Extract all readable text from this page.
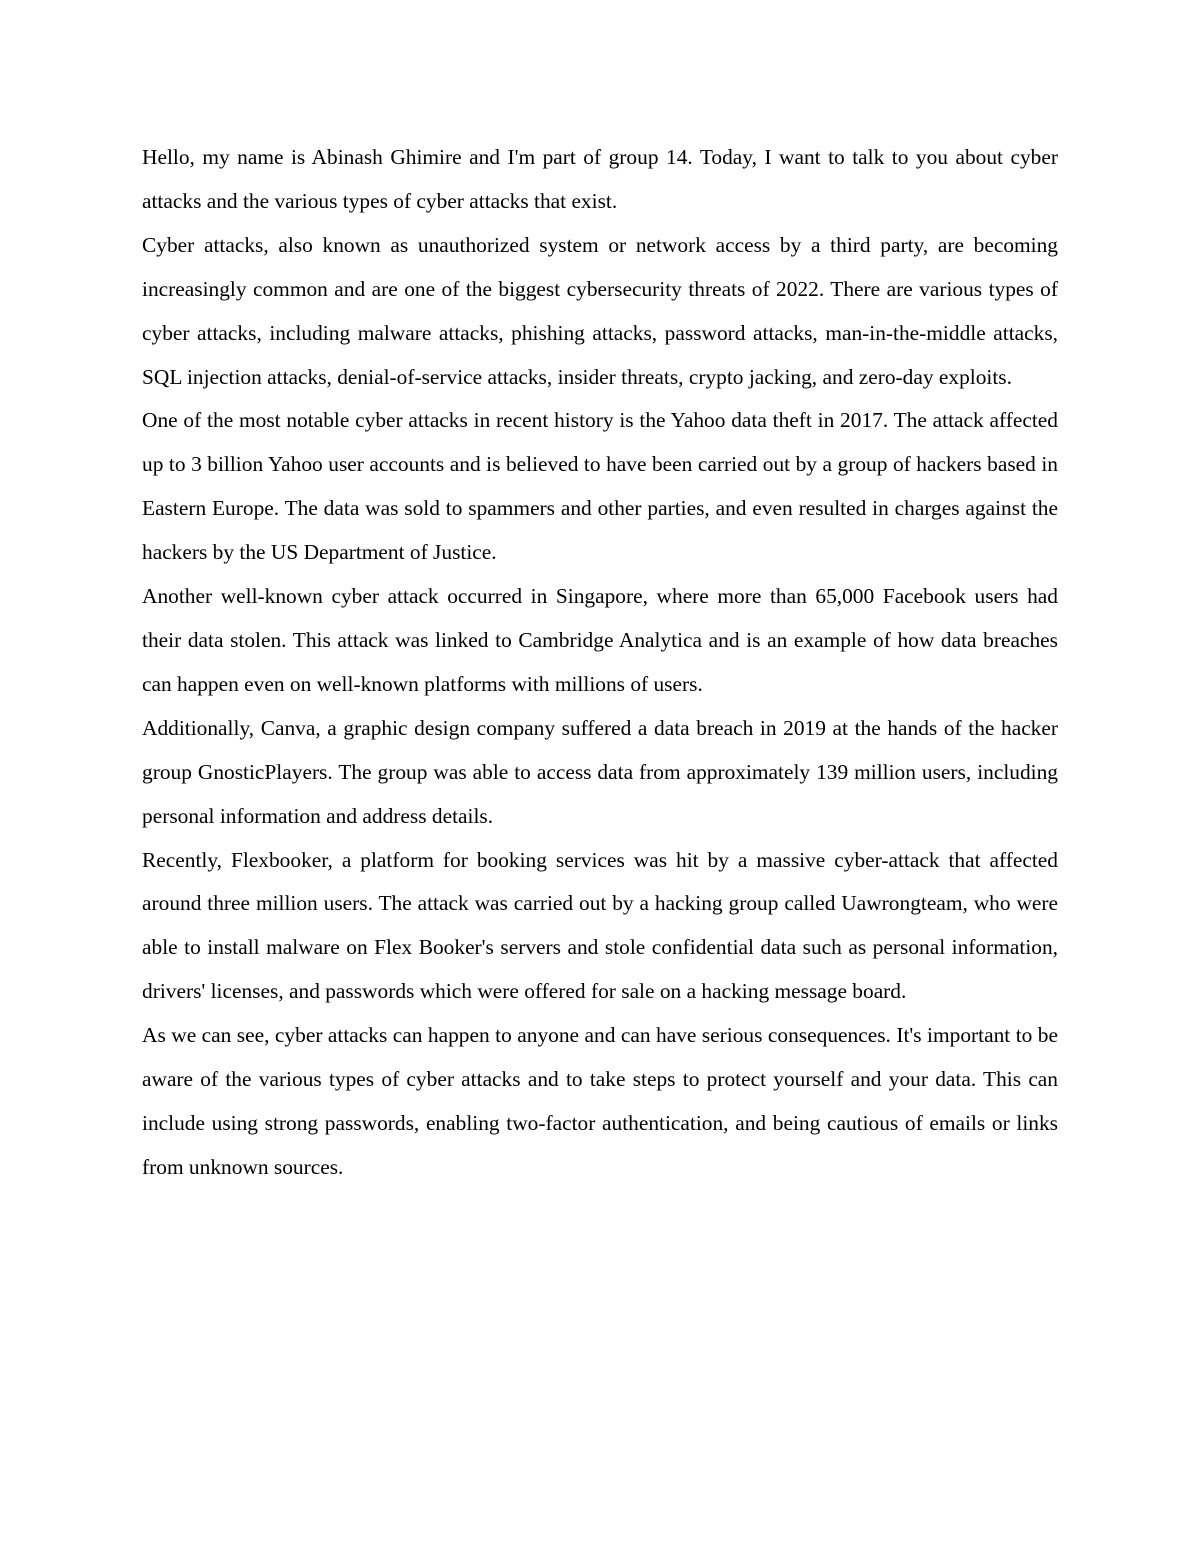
Hello, my name is Abinash Ghimire and I'm part of group 14. Today, I want to talk to you about cyber attacks and the various types of cyber attacks that exist.

Cyber attacks, also known as unauthorized system or network access by a third party, are becoming increasingly common and are one of the biggest cybersecurity threats of 2022. There are various types of cyber attacks, including malware attacks, phishing attacks, password attacks, man-in-the-middle attacks, SQL injection attacks, denial-of-service attacks, insider threats, crypto jacking, and zero-day exploits.

One of the most notable cyber attacks in recent history is the Yahoo data theft in 2017. The attack affected up to 3 billion Yahoo user accounts and is believed to have been carried out by a group of hackers based in Eastern Europe. The data was sold to spammers and other parties, and even resulted in charges against the hackers by the US Department of Justice.

Another well-known cyber attack occurred in Singapore, where more than 65,000 Facebook users had their data stolen. This attack was linked to Cambridge Analytica and is an example of how data breaches can happen even on well-known platforms with millions of users.

Additionally, Canva, a graphic design company suffered a data breach in 2019 at the hands of the hacker group GnosticPlayers. The group was able to access data from approximately 139 million users, including personal information and address details.

Recently, Flexbooker, a platform for booking services was hit by a massive cyber-attack that affected around three million users. The attack was carried out by a hacking group called Uawrongteam, who were able to install malware on Flex Booker's servers and stole confidential data such as personal information, drivers' licenses, and passwords which were offered for sale on a hacking message board.

As we can see, cyber attacks can happen to anyone and can have serious consequences. It's important to be aware of the various types of cyber attacks and to take steps to protect yourself and your data. This can include using strong passwords, enabling two-factor authentication, and being cautious of emails or links from unknown sources.
